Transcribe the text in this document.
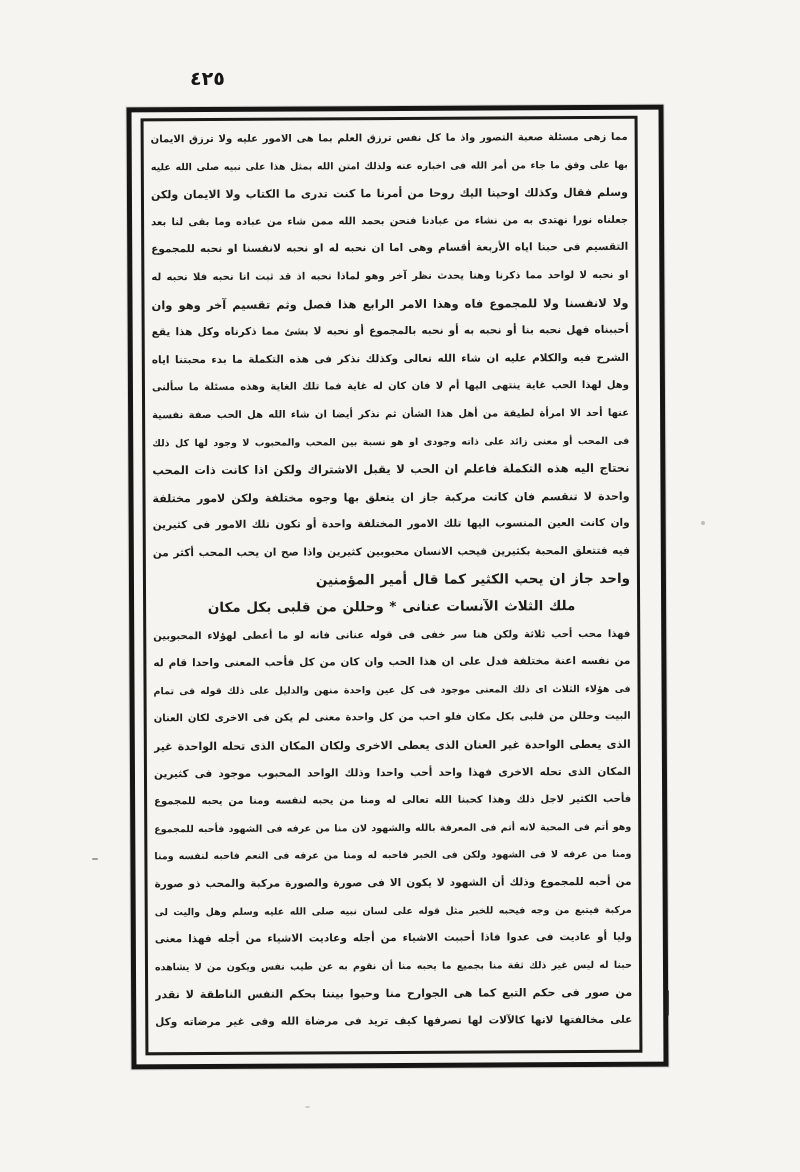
٤٢٥
مما زهى مسئلة صعبة التصور واذ ما كل نفس ترزق العلم بما هى الامور عليه ولا ترزق الايمان
بها على وفق ما جاء من أمر الله فى اخباره عنه ولذلك امتن الله بمثل هذا على نبيه صلى الله عليه
وسلم فقال وكذلك اوحينا اليك روحا من أمرنا ما كنت تدرى ما الكتاب ولا الايمان ولكن
جعلناه نورا نهتدى به من نشاء من عبادنا فنحن بحمد الله ممن شاء من عباده وما بقى لنا بعد
التقسيم فى حبنا اياه الأربعة أقسام وهى اما ان نحبه له او نحبه لانفسنا او نحبه للمجموع
او نحبه لا لواحد مما ذكرنا وهنا يحدث نظر آخر وهو لماذا نحبه اذ قد ثبت انا نحبه فلا نحبه له
ولا لانفسنا ولا للمجموع فاه وهذا الامر الرابع هذا فصل وثم تقسيم آخر وهو وان
أحببناه فهل نحبه بنا أو نحبه به أو نحبه بالمجموع أو نحبه لا بشئ مما ذكرناه وكل هذا يقع
الشرح فيه والكلام عليه ان شاء الله تعالى وكذلك نذكر فى هذه التكملة ما بدء محبتنا اياه
وهل لهذا الحب غاية ينتهى اليها أم لا فان كان له غاية فما تلك الغاية وهذه مسئلة ما سألنى
عنها أحد الا امرأة لطيفة من أهل هذا الشأن ثم نذكر أيضا ان شاء الله هل الحب صفة نفسية
فى المحب أو معنى زائد على ذاته وجودى او هو نسبة بين المحب والمحبوب لا وجود لها كل ذلك
نحتاج اليه هذه التكملة فاعلم ان الحب لا يقبل الاشتراك ولكن اذا كانت ذات المحب
واحدة لا تنقسم فان كانت مركبة جاز ان يتعلق بها وجوه مختلفة ولكن لامور مختلفة
وان كانت العين المنسوب اليها تلك الامور المختلفة واحدة أو تكون تلك الامور فى كثيرين
فيه فتتعلق المحبة بكثيرين فيحب الانسان محبوبين كثيرين واذا صح ان يحب المحب أكثر من
واحد جاز ان يحب الكثير كما قال أمير المؤمنين
ملك الثلاث الآنسات عنانى * وحللن من قلبى بكل مكان
فهذا محب أحب ثلاثة ولكن هنا سر خفى فى قوله عنانى فانه لو ما أعطى لهؤلاء المحبوبين
من نفسه اعنة مختلفة فدل على ان هذا الحب وان كان من كل فأحب المعنى واحدا قام له
فى هؤلاء الثلاث اى ذلك المعنى موجود فى كل عين واحدة منهن والدليل على ذلك قوله فى تمام
البيت وحللن من قلبى بكل مكان فلو احب من كل واحدة معنى لم يكن فى الاخرى لكان العنان
الذى يعطى الواحدة غير العنان الذى يعطى الاخرى ولكان المكان الذى تحله الواحدة غير
المكان الذى تحله الاخرى فهذا واحد أحب واحدا وذلك الواحد المحبوب موجود فى كثيرين
فأحب الكثير لاجل ذلك وهذا كحبنا الله تعالى له ومنا من يحبه لنفسه ومنا من يحبه للمجموع
وهو أتم فى المحبة لانه أتم فى المعرفة بالله والشهود لان منا من عرفه فى الشهود فأحبه للمجموع
ومنا من عرفه لا فى الشهود ولكن فى الخبر فاحبه له ومنا من عرفه فى النعم فاحبه لنفسه ومنا
من أحبه للمجموع وذلك أن الشهود لا يكون الا فى صورة والصورة مركبة والمحب ذو صورة
مركبة فيتبع من وجه فيحبه للخبر مثل قوله على لسان نبيه صلى الله عليه وسلم وهل واليت لى
وليا أو عاديت فى عدوا فاذا أحببت الاشياء من أجله وعاديت الاشياء من أجله فهذا معنى
حبنا له ليس غير ذلك ثقة منا بجميع ما يحبه منا أن نقوم به عن طيب نفس ويكون من لا يشاهده
من صور فى حكم التبع كما هى الجوارح منا وحبوا بيننا بحكم النفس الناطقة لا نقدر
على مخالفتها لانها كالآلات لها تصرفها كيف تريد فى مرضاة الله وفى غير مرضاته وكل
